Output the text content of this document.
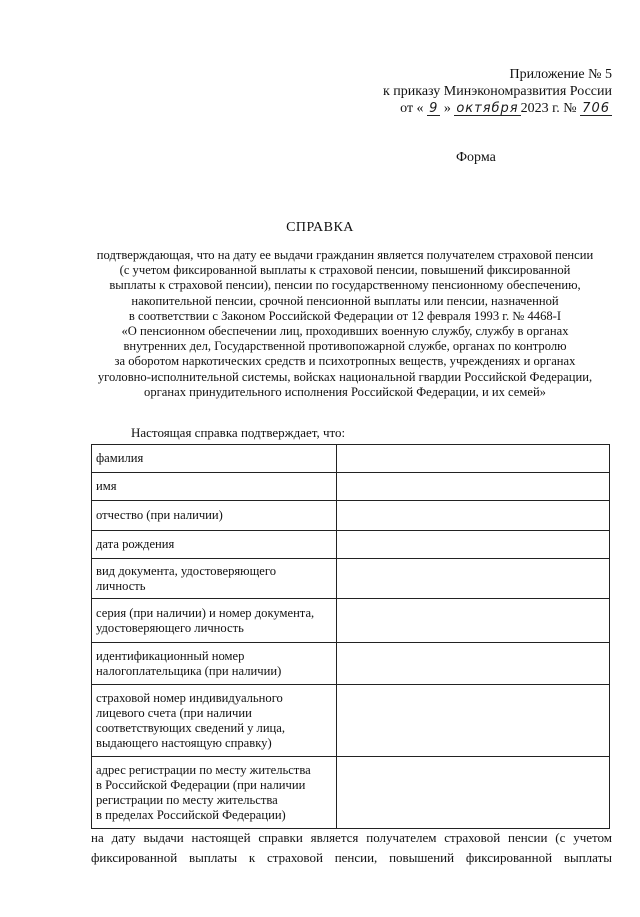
Приложение № 5
к приказу Минэкономразвития России
от « 9 » октября 2023 г. № 706
Форма
СПРАВКА
подтверждающая, что на дату ее выдачи гражданин является получателем страховой пенсии
(с учетом фиксированной выплаты к страховой пенсии, повышений фиксированной
выплаты к страховой пенсии), пенсии по государственному пенсионному обеспечению,
накопительной пенсии, срочной пенсионной выплаты или пенсии, назначенной
в соответствии с Законом Российской Федерации от 12 февраля 1993 г. № 4468-I
«О пенсионном обеспечении лиц, проходивших военную службу, службу в органах
внутренних дел, Государственной противопожарной службе, органах по контролю
за оборотом наркотических средств и психотропных веществ, учреждениях и органах
уголовно-исполнительной системы, войсках национальной гвардии Российской Федерации,
органах принудительного исполнения Российской Федерации, и их семей»
Настоящая справка подтверждает, что:
фамилия	

имя	

отчество (при наличии)	

дата рождения	

вид документа, удостоверяющего
личность	

серия (при наличии) и номер документа,
удостоверяющего личность	

идентификационный номер
налогоплательщика (при наличии)	

страховой номер индивидуального
лицевого счета (при наличии
соответствующих сведений у лица,
выдающего настоящую справку)	

адрес регистрации по месту жительства
в Российской Федерации (при наличии
регистрации по месту жительства
в пределах Российской Федерации)	

на дату выдачи настоящей справки является получателем страховой пенсии (с учетом
фиксированной выплаты к страховой пенсии, повышений фиксированной выплаты
